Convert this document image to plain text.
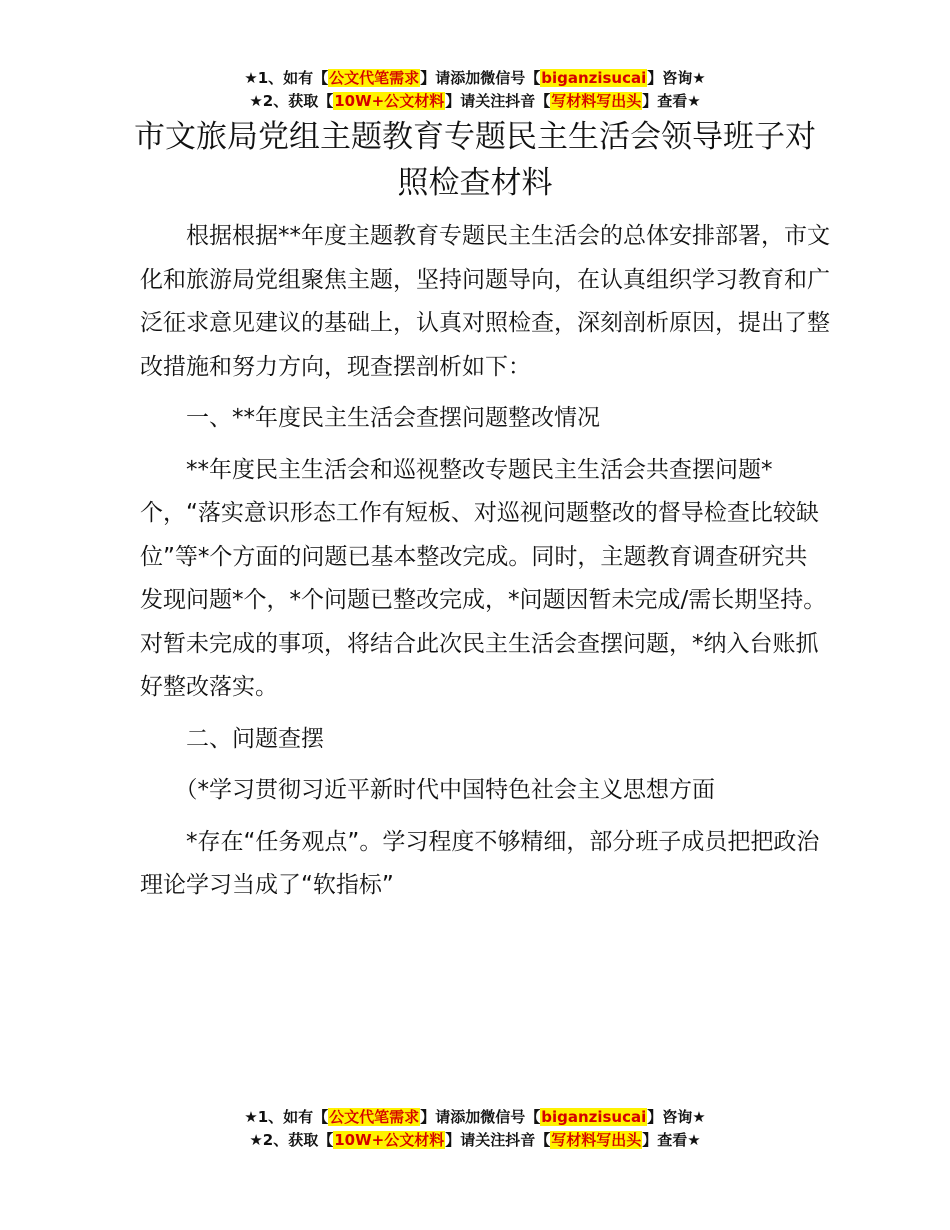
★1、如有【公文代笔需求】请添加微信号【biganzisucai】咨询★
★2、获取【10W+公文材料】请关注抖音【写材料写出头】查看★
市文旅局党组主题教育专题民主生活会领导班子对照检查材料

根据根据**年度主题教育专题民主生活会的总体安排部署，市文化和旅游局党组聚焦主题，坚持问题导向，在认真组织学习教育和广泛征求意见建议的基础上，认真对照检查，深刻剖析原因，提出了整改措施和努力方向，现查摆剖析如下：

一、**年度民主生活会查摆问题整改情况

**年度民主生活会和巡视整改专题民主生活会共查摆问题*个，“落实意识形态工作有短板、对巡视问题整改的督导检查比较缺位”等*个方面的问题已基本整改完成。同时，主题教育调查研究共发现问题*个，*个问题已整改完成，*问题因暂未完成/需长期坚持。对暂未完成的事项，将结合此次民主生活会查摆问题，*纳入台账抓好整改落实。

二、问题查摆

（*学习贯彻习近平新时代中国特色社会主义思想方面

*存在“任务观点”。学习程度不够精细，部分班子成员把把政治理论学习当成了“软指标”

★1、如有【公文代笔需求】请添加微信号【biganzisucai】咨询★
★2、获取【10W+公文材料】请关注抖音【写材料写出头】查看★
